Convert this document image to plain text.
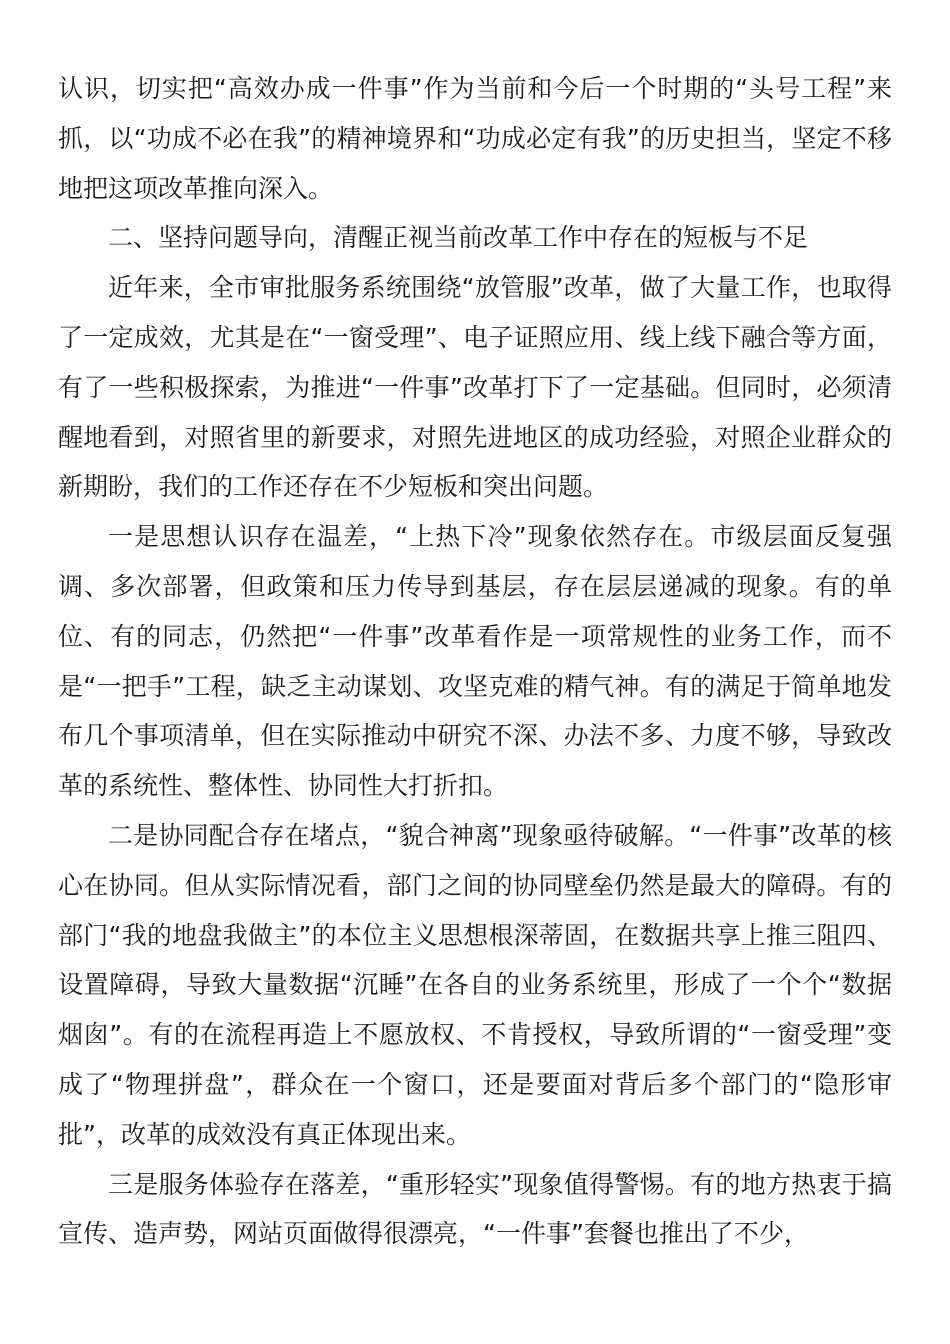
认识，切实把“高效办成一件事”作为当前和今后一个时期的“头号工程”来抓，以“功成不必在我”的精神境界和“功成必定有我”的历史担当，坚定不移地把这项改革推向深入。

二、坚持问题导向，清醒正视当前改革工作中存在的短板与不足

近年来，全市审批服务系统围绕“放管服”改革，做了大量工作，也取得了一定成效，尤其是在“一窗受理”、电子证照应用、线上线下融合等方面，有了一些积极探索，为推进“一件事”改革打下了一定基础。但同时，必须清醒地看到，对照省里的新要求，对照先进地区的成功经验，对照企业群众的新期盼，我们的工作还存在不少短板和突出问题。

一是思想认识存在温差，“上热下冷”现象依然存在。市级层面反复强调、多次部署，但政策和压力传导到基层，存在层层递减的现象。有的单位、有的同志，仍然把“一件事”改革看作是一项常规性的业务工作，而不是“一把手”工程，缺乏主动谋划、攻坚克难的精气神。有的满足于简单地发布几个事项清单，但在实际推动中研究不深、办法不多、力度不够，导致改革的系统性、整体性、协同性大打折扣。

二是协同配合存在堵点，“貌合神离”现象亟待破解。“一件事”改革的核心在协同。但从实际情况看，部门之间的协同壁垒仍然是最大的障碍。有的部门“我的地盘我做主”的本位主义思想根深蒂固，在数据共享上推三阻四、设置障碍，导致大量数据“沉睡”在各自的业务系统里，形成了一个个“数据烟囱”。有的在流程再造上不愿放权、不肯授权，导致所谓的“一窗受理”变成了“物理拼盘”，群众在一个窗口，还是要面对背后多个部门的“隐形审批”，改革的成效没有真正体现出来。

三是服务体验存在落差，“重形轻实”现象值得警惕。有的地方热衷于搞宣传、造声势，网站页面做得很漂亮，“一件事”套餐也推出了不少，
